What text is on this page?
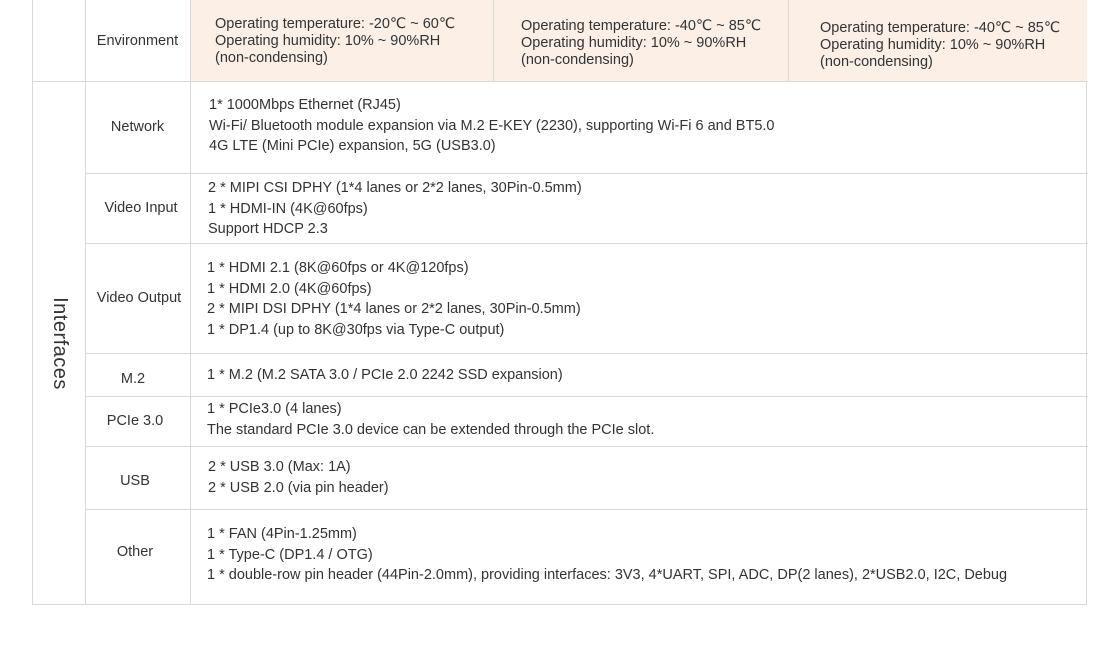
Environment
Operating temperature: -20℃ ~ 60℃
Operating humidity: 10% ~ 90%RH
(non-condensing)
Operating temperature: -40℃ ~ 85℃
Operating humidity: 10% ~ 90%RH
(non-condensing)
Operating temperature: -40℃ ~ 85℃
Operating humidity: 10% ~ 90%RH
(non-condensing)
Interfaces
Network
1* 1000Mbps Ethernet (RJ45)
Wi-Fi/ Bluetooth module expansion via M.2 E-KEY (2230), supporting Wi-Fi 6 and BT5.0
4G LTE (Mini PCIe) expansion, 5G (USB3.0)
Video Input
2 * MIPI CSI DPHY (1*4 lanes or 2*2 lanes, 30Pin-0.5mm)
1 * HDMI-IN (4K@60fps)
Support HDCP 2.3
Video Output
1 * HDMI 2.1 (8K@60fps or 4K@120fps)
1 * HDMI 2.0 (4K@60fps)
2 * MIPI DSI DPHY (1*4 lanes or 2*2 lanes, 30Pin-0.5mm)
1 * DP1.4 (up to 8K@30fps via Type-C output)
M.2	1 * M.2 (M.2 SATA 3.0 / PCIe 2.0 2242 SSD expansion)
PCIe 3.0
1 * PCIe3.0 (4 lanes)
The standard PCIe 3.0 device can be extended through the PCIe slot.
USB
2 * USB 3.0 (Max: 1A)
2 * USB 2.0 (via pin header)
Other
1 * FAN (4Pin-1.25mm)
1 * Type-C (DP1.4 / OTG)
1 * double-row pin header (44Pin-2.0mm), providing interfaces: 3V3, 4*UART, SPI, ADC, DP(2 lanes), 2*USB2.0, I2C, Debug
